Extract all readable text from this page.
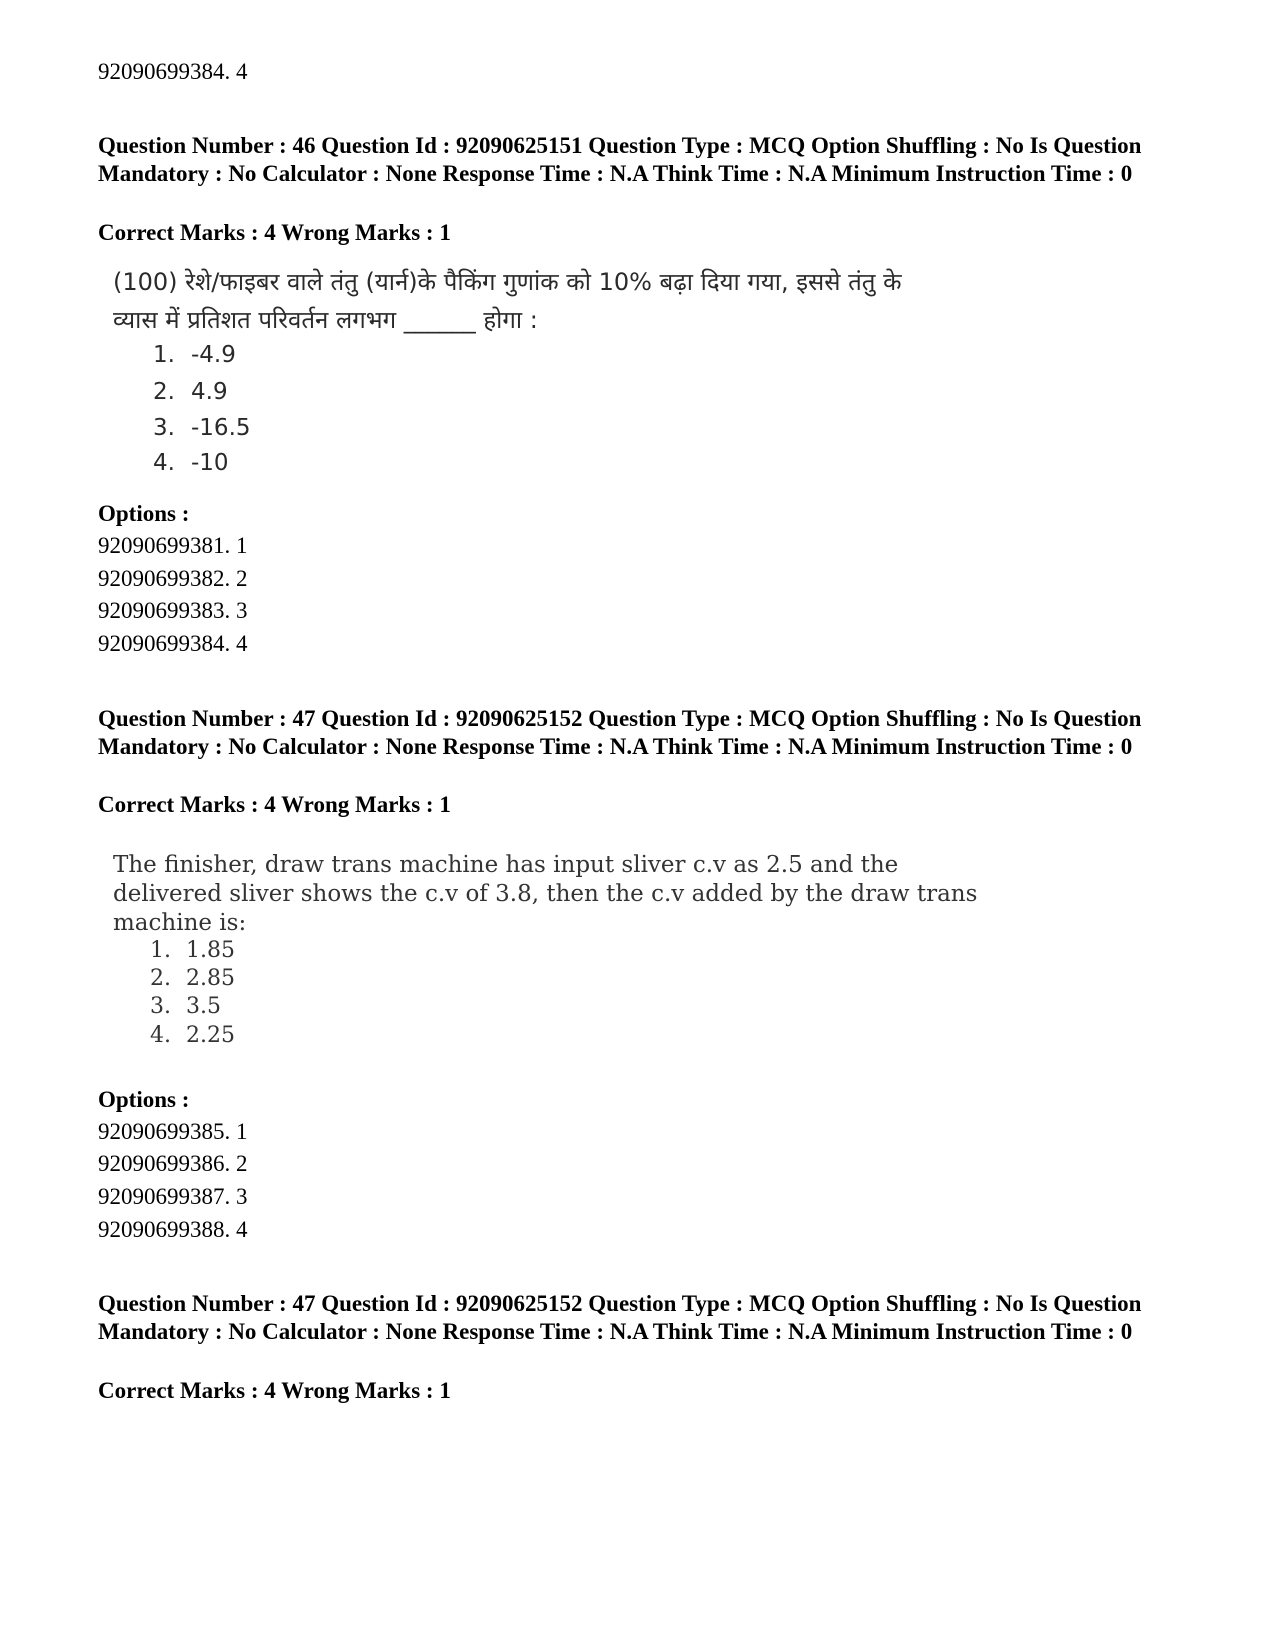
92090699384. 4
Question Number : 46 Question Id : 92090625151 Question Type : MCQ Option Shuffling : No Is Question Mandatory : No Calculator : None Response Time : N.A Think Time : N.A Minimum Instruction Time : 0
Correct Marks : 4 Wrong Marks : 1
(100) रेशे/फाइबर वाले तंतु (यार्न)के पैकिंग गुणांक को 10% बढ़ा दिया गया, इससे तंतु के
व्यास में प्रतिशत परिवर्तन लगभग ______ होगा :
1. -4.9
2. 4.9
3. -16.5
4. -10
Options :
92090699381. 1
92090699382. 2
92090699383. 3
92090699384. 4
Question Number : 47 Question Id : 92090625152 Question Type : MCQ Option Shuffling : No Is Question Mandatory : No Calculator : None Response Time : N.A Think Time : N.A Minimum Instruction Time : 0
Correct Marks : 4 Wrong Marks : 1
The finisher, draw trans machine has input sliver c.v as 2.5 and the
delivered sliver shows the c.v of 3.8, then the c.v added by the draw trans
machine is:
1. 1.85
2. 2.85
3. 3.5
4. 2.25
Options :
92090699385. 1
92090699386. 2
92090699387. 3
92090699388. 4
Question Number : 47 Question Id : 92090625152 Question Type : MCQ Option Shuffling : No Is Question Mandatory : No Calculator : None Response Time : N.A Think Time : N.A Minimum Instruction Time : 0
Correct Marks : 4 Wrong Marks : 1
